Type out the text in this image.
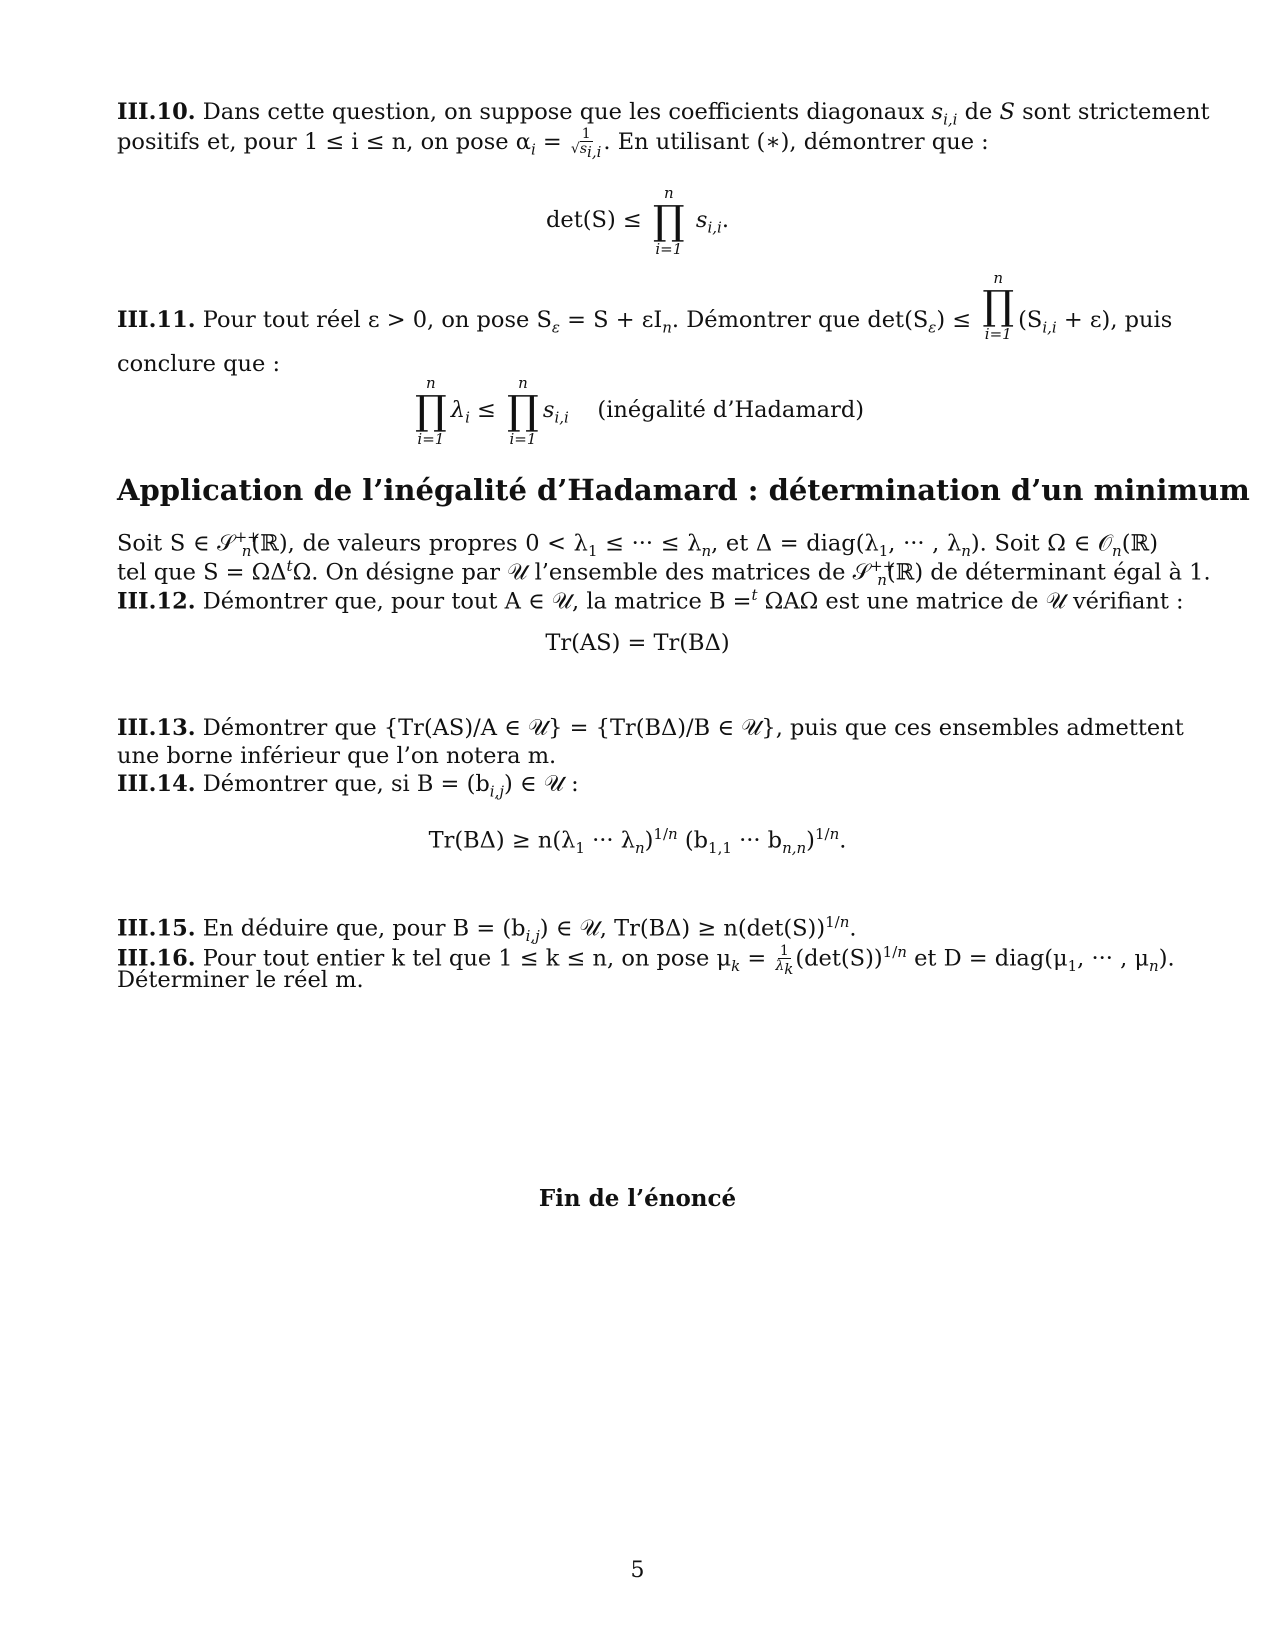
III.10. Dans cette question, on suppose que les coefficients diagonaux $s_{i,i}$ de S sont strictement
positifs et, pour 1 ≤ i ≤ n, on pose $\alpha_i = \frac{1}{√s_{i,i}}$ . En utilisant (∗), démontrer que :
det(S) ≤
n
∏
i=1
$s_{i,i}$.
III.11. Pour tout réel ε > 0, on pose $S_\varepsilon = S + \varepsilon I_n$. Démontrer que $\det(S_\varepsilon)$ ≤
n
∏
i=1
$(S_{i,i} + \varepsilon)$, puis
conclure que :
n
∏
i=1
$\lambda_i$ ≤
n
∏
i=1
$s_{i,i}$ (inégalité d’Hadamard)
Application de l’inégalité d’Hadamard : détermination d’un minimum
Soit S ∈ 𝒮++$_n$(ℝ), de valeurs propres $0 < \lambda_1$ ≤ ··· ≤ $\lambda_n$, et $\Delta = diag(\lambda_1$, ··· , $\lambda_n$). Soit Ω ∈ 𝒪$_n$(ℝ)
tel que $S = \Omega\Delta^t\Omega$. On désigne par 𝒰 l’ensemble des matrices de 𝒮++$_n$(ℝ) de déterminant égal à 1.
III.12. Démontrer que, pour tout A ∈ 𝒰, la matrice B =$^t$ ΩAΩ est une matrice de 𝒰 vérifiant :
Tr(AS) = Tr(BΔ)
III.13. Démontrer que {Tr(AS)/A ∈ 𝒰} = {Tr(BΔ)/B ∈ 𝒰}, puis que ces ensembles admettent
une borne inférieur que l’on notera m.
III.14. Démontrer que, si $B = (b_{i,j})$ ∈ 𝒰 :
$Tr(B\Delta) \ge n(\lambda_1$ ··· $\lambda_n)^{1/n}$ ($b_{1,1}$ ··· $b_{n,n})^{1/n}$.
III.15. En déduire que, pour $B = (b_{i,j})$ ∈ 𝒰, $Tr(B\Delta) \ge n(\det(S))^{1/n}$.
III.16. Pour tout entier k tel que 1 ≤ k ≤ n, on pose $\mu_k = \frac{1}{\lambda_k} (\det(S))^{1/n}$ et $D = diag(\mu_1$, ··· , $\mu_n$).
Déterminer le réel m.
Fin de l’énoncé
5
